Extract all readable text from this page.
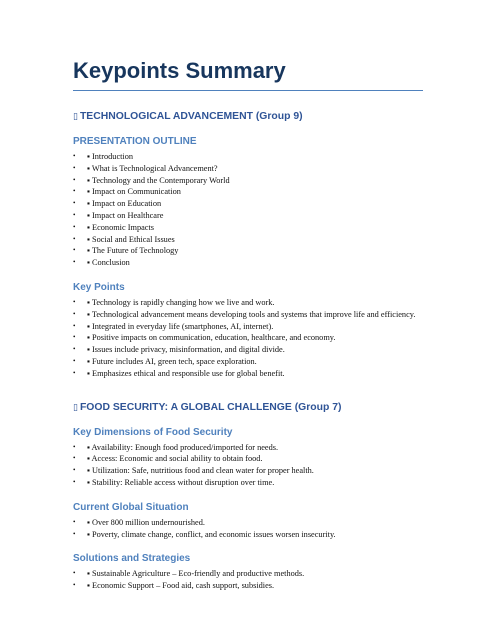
Keypoints Summary
▯ TECHNOLOGICAL ADVANCEMENT (Group 9)
PRESENTATION OUTLINE
• ▪ Introduction
• ▪ What is Technological Advancement?
• ▪ Technology and the Contemporary World
• ▪ Impact on Communication
• ▪ Impact on Education
• ▪ Impact on Healthcare
• ▪ Economic Impacts
• ▪ Social and Ethical Issues
• ▪ The Future of Technology
• ▪ Conclusion
Key Points
• ▪ Technology is rapidly changing how we live and work.
• ▪ Technological advancement means developing tools and systems that improve life and efficiency.
• ▪ Integrated in everyday life (smartphones, AI, internet).
• ▪ Positive impacts on communication, education, healthcare, and economy.
• ▪ Issues include privacy, misinformation, and digital divide.
• ▪ Future includes AI, green tech, space exploration.
• ▪ Emphasizes ethical and responsible use for global benefit.
▯ FOOD SECURITY: A GLOBAL CHALLENGE (Group 7)
Key Dimensions of Food Security
• ▪ Availability: Enough food produced/imported for needs.
• ▪ Access: Economic and social ability to obtain food.
• ▪ Utilization: Safe, nutritious food and clean water for proper health.
• ▪ Stability: Reliable access without disruption over time.
Current Global Situation
• ▪ Over 800 million undernourished.
• ▪ Poverty, climate change, conflict, and economic issues worsen insecurity.
Solutions and Strategies
• ▪ Sustainable Agriculture – Eco-friendly and productive methods.
• ▪ Economic Support – Food aid, cash support, subsidies.
